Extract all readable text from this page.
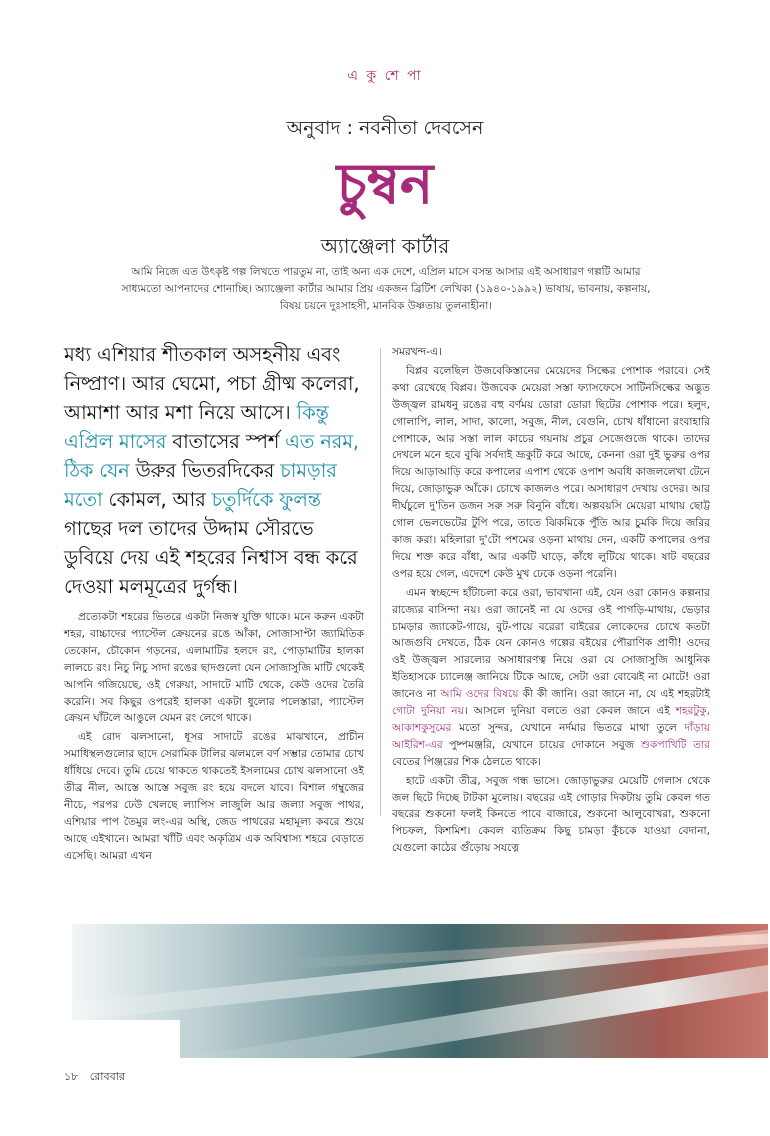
এ কু শে পা
অনুবাদ : নবনীতা দেবসেন
চুম্বন
অ্যাঞ্জেলা কার্টার
আমি নিজে এত উৎকৃষ্ট গল্প লিখতে পারতুম না, তাই অন্য এক দেশে, এপ্রিল মাসে বসন্ত আসার এই অসাধারণ গল্পটি আমার সাধ্যমতো আপনাদের শোনাচ্ছি। অ্যাঞ্জেলা কার্টার আমার প্রিয় একজন ব্রিটিশ লেখিকা (১৯৪০-১৯৯২) ভাষায়, ভাবনায়, কল্পনায়, বিষয় চয়নে দুঃসাহসী, মানবিক উষ্ণতায় তুলনাহীনা।
মধ্য এশিয়ার শীতকাল অসহনীয় এবং নিষ্প্রাণ। আর ঘেমো, পচা গ্রীষ্ম কলেরা, আমাশা আর মশা নিয়ে আসে। কিন্তু এপ্রিল মাসের বাতাসের স্পর্শ এত নরম, ঠিক যেন উরুর ভিতরদিকের চামড়ার মতো কোমল, আর চতুর্দিকে ফুলন্ত গাছের দল তাদের উদ্দাম সৌরভে ডুবিয়ে দেয় এই শহরের নিশ্বাস বন্ধ করে দেওয়া মলমূত্রের দুর্গন্ধ।

প্রত্যেকটা শহরের ভিতরে একটা নিজস্ব যুক্তি থাকে। মনে করুন একটা শহর, বাচ্চাদের প্যাস্টেল ক্রেয়নের রঙে আঁকা, সোজাসাপ্টা জ্যামিতিক তেকোন, চৌকোন গড়নের, এলামাটির হলদে রং, পোড়ামাটির হালকা লালচে রং। নিচু নিচু সাদা রঙের ছাদগুলো যেন সোজাসুজি মাটি থেকেই আপনি গজিয়েছে, ওই গেরুয়া, সাদাটে মাটি থেকে, কেউ ওদের তৈরি করেনি। সব কিছুর ওপরেই হালকা একটা ধুলোর পলেস্তারা, প্যাস্টেল ক্রেয়ন ঘাঁটলে আঙুলে যেমন রং লেগে থাকে।

এই রোদ ঝলসানো, ধূসর সাদাটে রঙের মাঝখানে, প্রাচীন সমাধিস্থলগুলোর ছাদে সেরামিক টালির ঝলমলে বর্ণ সম্ভার তোমার চোখ ধাঁধিয়ে দেবে। তুমি চেয়ে থাকতে থাকতেই ইসলামের চোখ ঝলসানো ওই তীব্র নীল, আস্তে আস্তে সবুজ রং হয়ে বদলে যাবে। বিশাল গম্বুজের নীচে, পরপর ঢেউ খেলছে ল্যাপিস লাজুলি আর জল্যা সবুজ পাথর, এশিয়ার পাপ তৈমুর লং-এর অস্থি, জেড পাথরের মহামূল্য কবরে শুয়ে আছে এইখানে। আমরা খাঁটি এবং অকৃত্রিম এক অবিশ্বাস্য শহরে বেড়াতে এসেছি। আমরা এখন

সমরখন্দ-এ।

বিপ্লব বলেছিল উজবেকিস্তানের মেয়েদের সিল্কের পোশাক পরাবে। সেই কথা রেখেছে বিপ্লব। উজবেক মেয়েরা সস্তা ফ্যাসফেসে সাটিনসিল্কের অদ্ভুত উজ্জ্বল রামধনু রঙের বহু বর্ণময় ডোরা ডোরা ছিটের পোশাক পরে। হলুদ, গোলাপি, লাল, সাদা, কালো, সবুজ, নীল, বেগুনি, চোখ ধাঁধানো রংবাহারি পোশাকে, আর সস্তা লাল কাচের গয়নায় প্রচুর সেজেগুজে থাকে। তাদের দেখলে মনে হবে বুঝি সর্বদাই ভ্রূকুটি করে আছে, কেননা ওরা দুই ভুরুর ওপর দিয়ে আড়াআড়ি করে কপালের এপাশ থেকে ওপাশ অবধি কাজললেখা টেনে দিয়ে, জোড়াভুরু আঁকে। চোখে কাজলও পরে। অসাধারণ দেখায় ওদের। আর দীর্ঘচুলে দু'তিন ডজন সরু সরু বিনুনি বাঁধে। অল্পবয়সি মেয়েরা মাথায় ছোট্ট গোল ভেলভেটের টুপি পরে, তাতে ঝিকমিকে পুঁতি আর চুমকি দিয়ে জরির কাজ করা। মহিলারা দু'টো পশমের ওড়না মাথায় দেন, একটি কপালের ওপর দিয়ে শক্ত করে বাঁধা, আর একটি ঘাড়ে, কাঁধে লুটিয়ে থাকে। ষাট বছরের ওপর হয়ে গেল, এদেশে কেউ মুখ ঢেকে ওড়না পরেনি।

এমন স্বচ্ছন্দে হাঁটাচলা করে ওরা, ভাবখানা এই, যেন ওরা কোনও কল্পনার রাজ্যের বাসিন্দা নয়। ওরা জানেই না যে ওদের ওই পাগড়ি-মাথায়, ভেড়ার চামড়ার জ্যাকেট-গায়ে, বুট-পায়ে বরেরা বাইরের লোকেদের চোখে কতটা আজগুবি দেখতে, ঠিক যেন কোনও গল্পের বইয়ের পৌরাণিক প্রাণী! ওদের ওই উজ্জ্বল সারল্যের অসাধারণত্ব নিয়ে ওরা যে সোজাসুজি আধুনিক ইতিহাসকে চ্যালেঞ্জ জানিয়ে টিকে আছে, সেটা ওরা বোঝেই না মোটে! ওরা জানেও না আমি ওদের বিষয়ে কী কী জানি। ওরা জানে না, যে এই শহরটাই গোটা দুনিয়া নয়। আসলে দুনিয়া বলতে ওরা কেবল জানে এই শহরটুকু, আকাশকুসুমের মতো সুন্দর, যেখানে নর্দমার ভিতরে মাথা তুলে দাঁড়ায় আইরিশ-এর পুষ্পমঞ্জরি, যেখানে চায়ের দোকানে সবুজ শুকপাখিটি তার বেতের পিঞ্জরের শিক ঠেলতে থাকে।

হাটে একটা তীব্র, সবুজ গন্ধ ভাসে। জোড়াভুরুর মেয়েটি গেলাস থেকে জল ছিটে দিচ্ছে টাটকা মুলোয়। বছরের এই গোড়ার দিকটায় তুমি কেবল গত বছরের শুকনো ফলই কিনতে পাবে বাজারে, শুকনো আলুবোখরা, শুকনো পিচফল, কিশমিশ। কেবল ব্যতিক্রম কিছু চামড়া কুঁচকে যাওয়া বেদানা, যেগুলো কাঠের গুঁড়োয় সযত্নে

১৮ রোববার
